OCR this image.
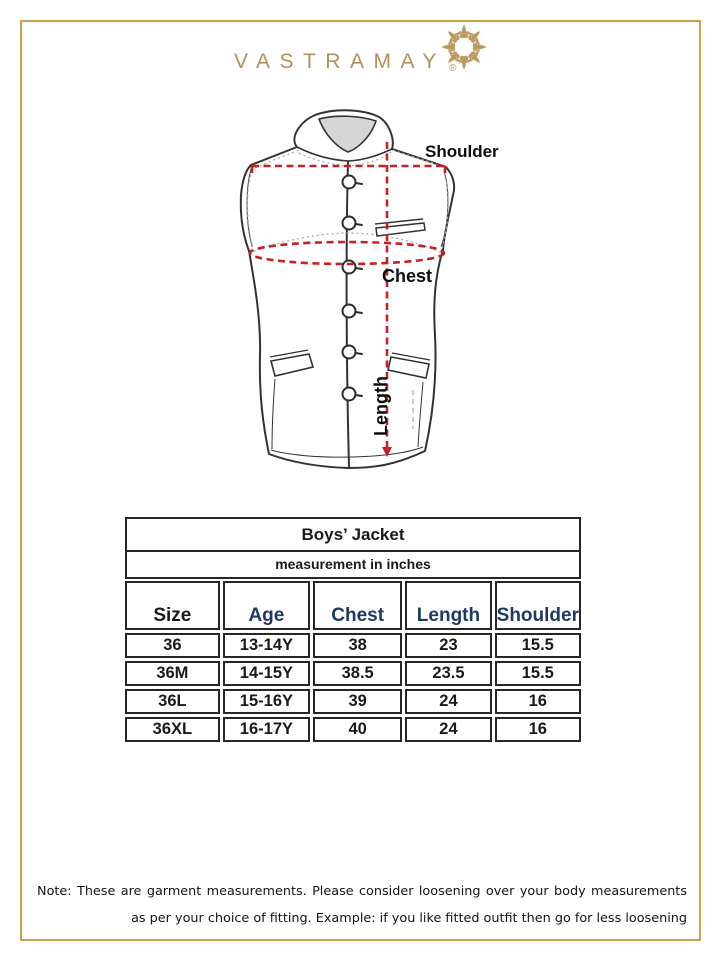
VASTRAMAY ®
Shoulder
Chest
Length
Boys’ Jacket
measurement in inches
Size	Age	Chest	Length	Shoulder
36	13-14Y	38	23	15.5
36M	14-15Y	38.5	23.5	15.5
36L	15-16Y	39	24	16
36XL	16-17Y	40	24	16
Note: These are garment measurements. Please consider loosening over your body measurements
as per your choice of fitting. Example: if you like fitted outfit then go for less loosening
